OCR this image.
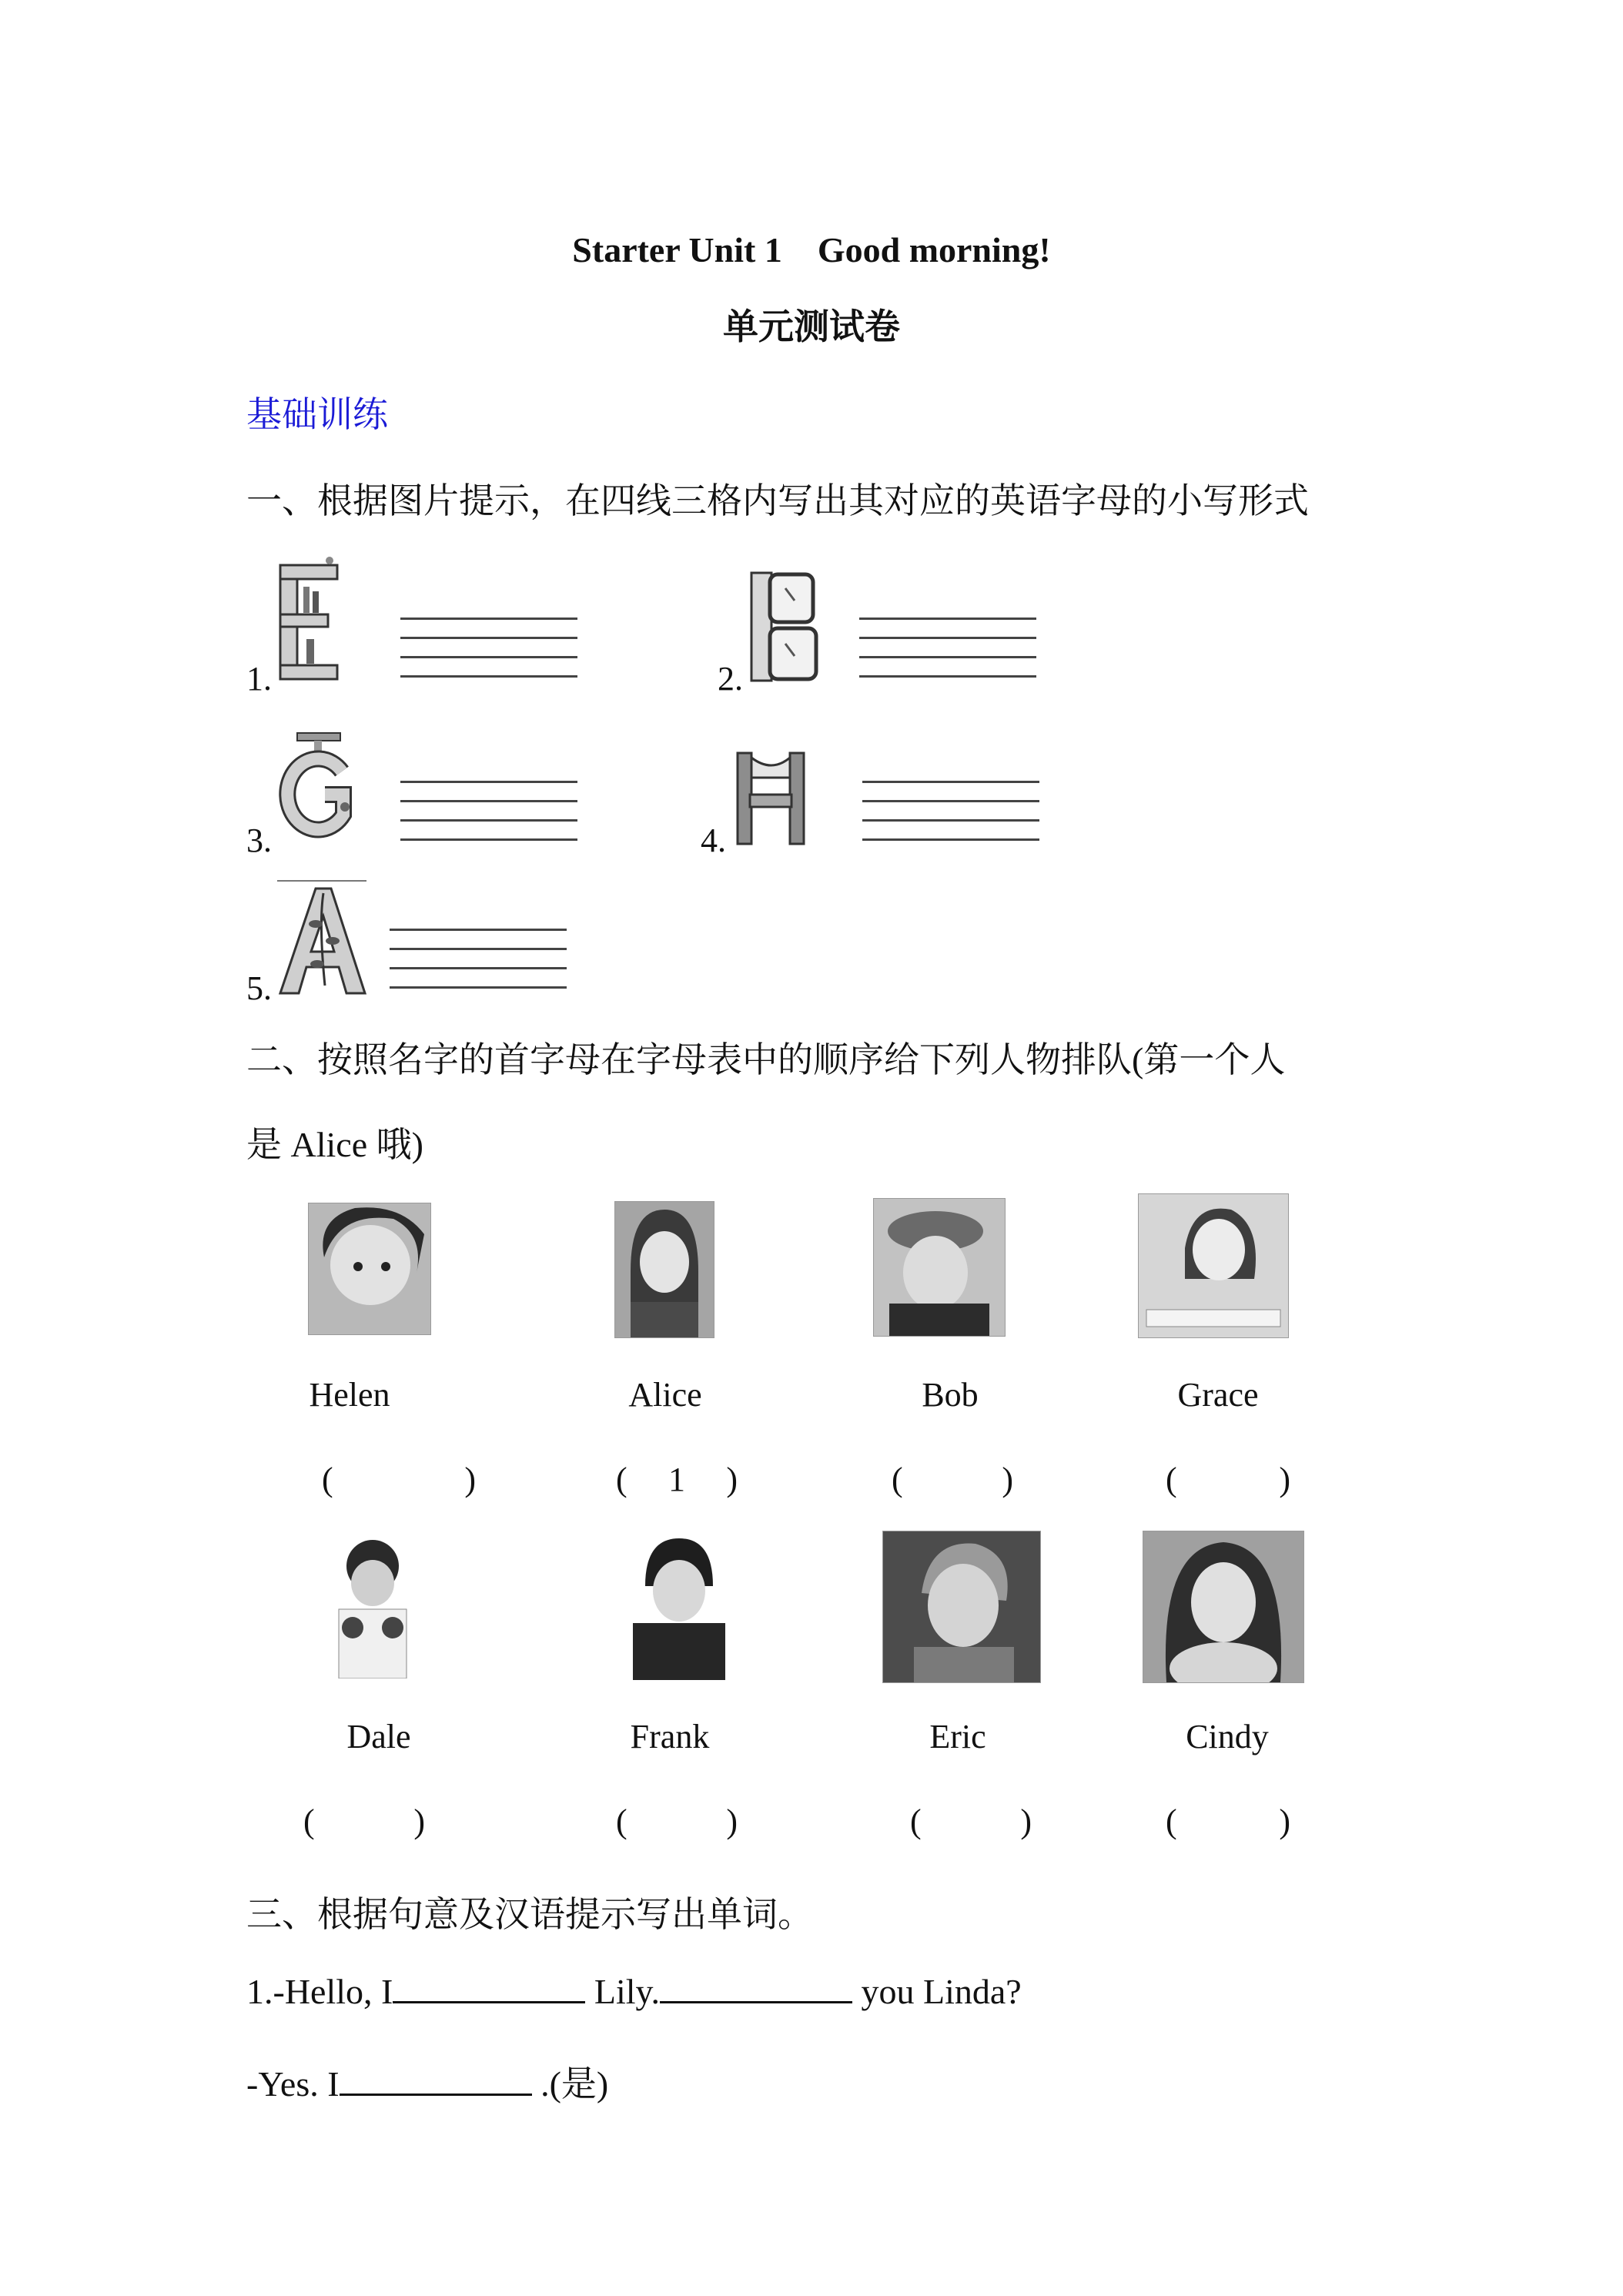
Starter Unit 1    Good morning!
单元测试卷
基础训练
一、根据图片提示，在四线三格内写出其对应的英语字母的小写形式
1.	2.
3.	4.
5.
二、按照名字的首字母在字母表中的顺序给下列人物排队(第一个人
是 Alice 哦)
Helen	Alice	Bob	Grace
(	)	(	1	)	(	)	(	)
Dale	Frank	Eric	Cindy
(	)	(	)	(	)	(	)
三、根据句意及汉语提示写出单词。
1.-Hello, I	Lily.	you Linda?
-Yes. I	.(是)
